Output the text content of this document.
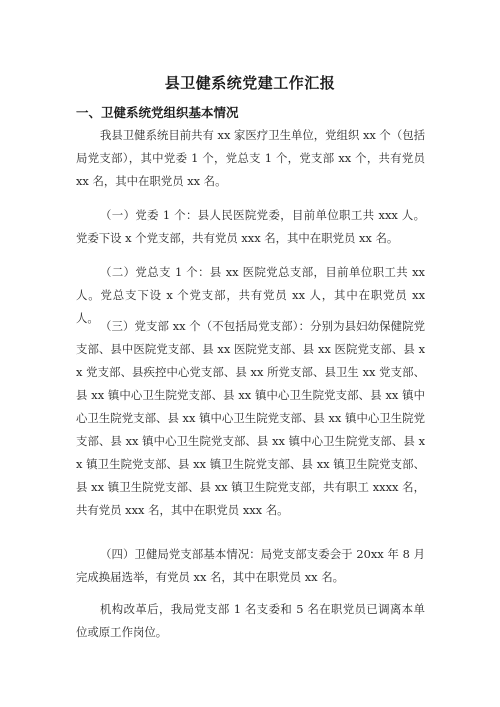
县卫健系统党建工作汇报
一、卫健系统党组织基本情况

我县卫健系统目前共有 xx 家医疗卫生单位，党组织 xx 个（包括局党支部），其中党委 1 个，党总支 1 个，党支部 xx 个，共有党员 xx 名，其中在职党员 xx 名。

（一）党委 1 个：县人民医院党委，目前单位职工共 xxx 人。党委下设 x 个党支部，共有党员 xxx 名，其中在职党员 xx 名。

（二）党总支 1 个：县 xx 医院党总支部，目前单位职工共 xx 人。党总支下设 x 个党支部，共有党员 xx 人，其中在职党员 xx 人。

（三）党支部 xx 个（不包括局党支部）：分别为县妇幼保健院党支部、县中医院党支部、县 xx 医院党支部、县 xx 医院党支部、县 xx 党支部、县疾控中心党支部、县 xx 所党支部、县卫生 xx 党支部、县 xx 镇中心卫生院党支部、县 xx 镇中心卫生院党支部、县 xx 镇中心卫生院党支部、县 xx 镇中心卫生院党支部、县 xx 镇中心卫生院党支部、县 xx 镇中心卫生院党支部、县 xx 镇中心卫生院党支部、县 xx 镇卫生院党支部、县 xx 镇卫生院党支部、县 xx 镇卫生院党支部、县 xx 镇卫生院党支部、县 xx 镇卫生院党支部，共有职工 xxxx 名，共有党员 xxx 名，其中在职党员 xxx 名。

（四）卫健局党支部基本情况：局党支部支委会于 20xx 年 8 月完成换届选举，有党员 xx 名，其中在职党员 xx 名。

机构改革后，我局党支部 1 名支委和 5 名在职党员已调离本单位或原工作岗位。
